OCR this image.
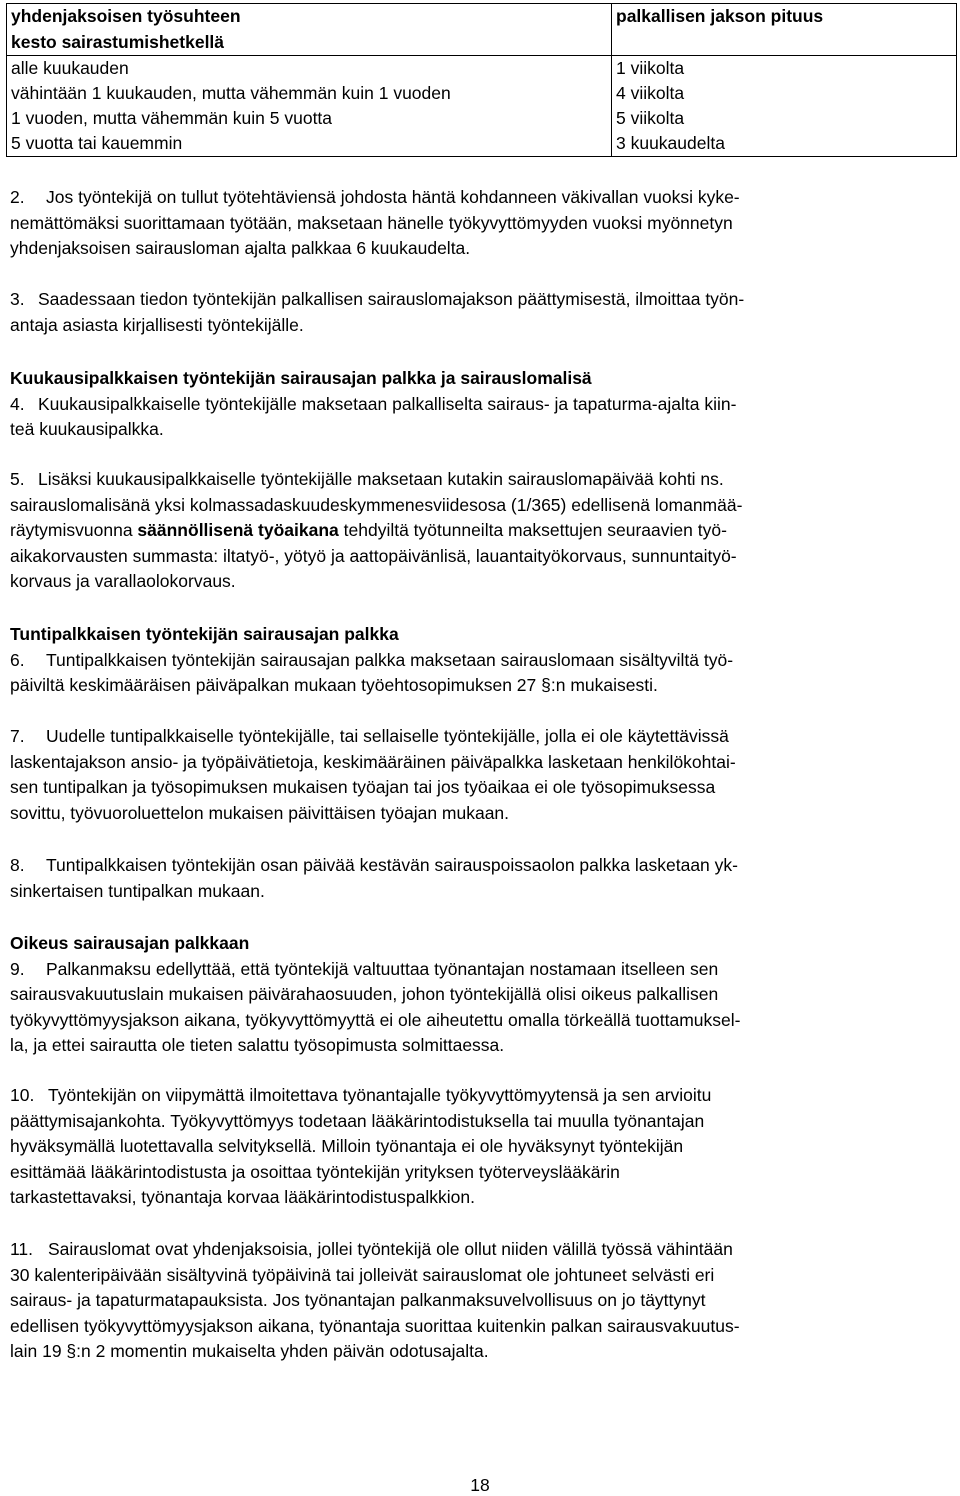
yhdenjaksoisen työsuhteen
kesto sairastumishetkellä	palkallisen jakson pituus
alle kuukauden	1 viikolta
vähintään 1 kuukauden, mutta vähemmän kuin 1 vuoden	4 viikolta
1 vuoden, mutta vähemmän kuin 5 vuotta	5 viikolta
5 vuotta tai kauemmin	3 kuukaudelta
2. Jos työntekijä on tullut työtehtäviensä johdosta häntä kohdanneen väkivallan vuoksi kyke-
nemättömäksi suorittamaan työtään, maksetaan hänelle työkyvyttömyyden vuoksi myönnetyn
yhdenjaksoisen sairausloman ajalta palkkaa 6 kuukaudelta.
3. Saadessaan tiedon työntekijän palkallisen sairauslomajakson päättymisestä, ilmoittaa työn-
antaja asiasta kirjallisesti työntekijälle.
Kuukausipalkkaisen työntekijän sairausajan palkka ja sairauslomalisä
4. Kuukausipalkkaiselle työntekijälle maksetaan palkalliselta sairaus- ja tapaturma-ajalta kiin-
teä kuukausipalkka.
5. Lisäksi kuukausipalkkaiselle työntekijälle maksetaan kutakin sairauslomapäivää kohti ns.
sairauslomalisänä yksi kolmassadaskuudeskymmenesviidesosa (1/365) edellisenä lomanmää-
räytymisvuonna säännöllisenä työaikana tehdyiltä työtunneilta maksettujen seuraavien työ-
aikakorvausten summasta: iltatyö-, yötyö ja aattopäivänlisä, lauantaityökorvaus, sunnuntaityö-
korvaus ja varallaolokorvaus.
Tuntipalkkaisen työntekijän sairausajan palkka
6. Tuntipalkkaisen työntekijän sairausajan palkka maksetaan sairauslomaan sisältyviltä työ-
päiviltä keskimääräisen päiväpalkan mukaan työehtosopimuksen 27 §:n mukaisesti.
7. Uudelle tuntipalkkaiselle työntekijälle, tai sellaiselle työntekijälle, jolla ei ole käytettävissä
laskentajakson ansio- ja työpäivätietoja, keskimääräinen päiväpalkka lasketaan henkilökohtai-
sen tuntipalkan ja työsopimuksen mukaisen työajan tai jos työaikaa ei ole työsopimuksessa
sovittu, työvuoroluettelon mukaisen päivittäisen työajan mukaan.
8. Tuntipalkkaisen työntekijän osan päivää kestävän sairauspoissaolon palkka lasketaan yk-
sinkertaisen tuntipalkan mukaan.
Oikeus sairausajan palkkaan
9. Palkanmaksu edellyttää, että työntekijä valtuuttaa työnantajan nostamaan itselleen sen
sairausvakuutuslain mukaisen päivärahaosuuden, johon työntekijällä olisi oikeus palkallisen
työkyvyttömyysjakson aikana, työkyvyttömyyttä ei ole aiheutettu omalla törkeällä tuottamuksel-
la, ja ettei sairautta ole tieten salattu työsopimusta solmittaessa.
10. Työntekijän on viipymättä ilmoitettava työnantajalle työkyvyttömyytensä ja sen arvioitu
päättymisajankohta. Työkyvyttömyys todetaan lääkärintodistuksella tai muulla työnantajan
hyväksymällä luotettavalla selvityksellä. Milloin työnantaja ei ole hyväksynyt työntekijän
esittämää lääkärintodistusta ja osoittaa työntekijän yrityksen työterveyslääkärin
tarkastettavaksi, työnantaja korvaa lääkärintodistuspalkkion.
11. Sairauslomat ovat yhdenjaksoisia, jollei työntekijä ole ollut niiden välillä työssä vähintään
30 kalenteripäivään sisältyvinä työpäivinä tai jolleivät sairauslomat ole johtuneet selvästi eri
sairaus- ja tapaturmatapauksista. Jos työnantajan palkanmaksuvelvollisuus on jo täyttynyt
edellisen työkyvyttömyysjakson aikana, työnantaja suorittaa kuitenkin palkan sairausvakuutus-
lain 19 §:n 2 momentin mukaiselta yhden päivän odotusajalta.
18
